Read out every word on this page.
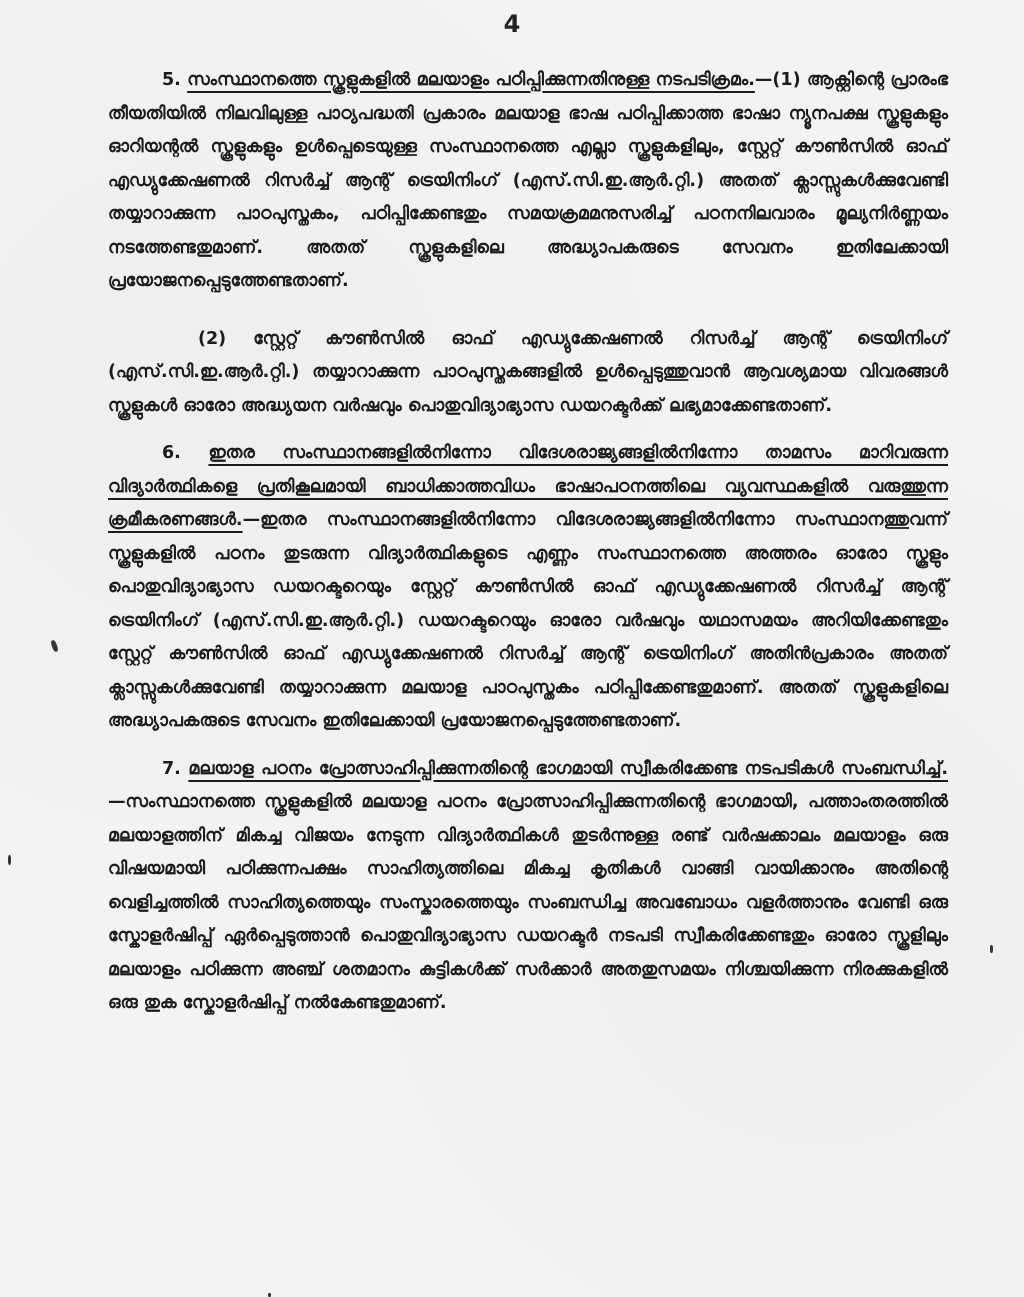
4

5. സംസ്ഥാനത്തെ സ്കൂളുകളിൽ മലയാളം പഠിപ്പിക്കുന്നതിനുള്ള നടപടിക്രമം.—(1) ആക്റ്റിന്റെ പ്രാരംഭ തീയതിയിൽ നിലവിലുള്ള പാഠ്യപദ്ധതി പ്രകാരം മലയാള ഭാഷ പഠിപ്പിക്കാത്ത ഭാഷാ ന്യൂനപക്ഷ സ്കൂളുകളും ഓറിയന്റൽ സ്കൂളുകളും ഉൾപ്പെടെയുള്ള സംസ്ഥാനത്തെ എല്ലാ സ്കൂളുകളിലും, സ്റ്റേറ്റ് കൗൺസിൽ ഓഫ് എഡ്യുക്കേഷണൽ റിസർച്ച് ആന്റ് ട്രെയിനിംഗ് (എസ്.സി.ഇ.ആർ.റ്റി.) അതത് ക്ലാസ്സുകൾക്കുവേണ്ടി തയ്യാറാക്കുന്ന പാഠപുസ്തകം, പഠിപ്പിക്കേണ്ടതും സമയക്രമമനുസരിച്ച് പഠനനിലവാരം മൂല്യനിർണ്ണയം നടത്തേണ്ടതുമാണ്. അതത് സ്കൂളുകളിലെ അദ്ധ്യാപകരുടെ സേവനം ഇതിലേക്കായി പ്രയോജനപ്പെടുത്തേണ്ടതാണ്.

(2) സ്റ്റേറ്റ് കൗൺസിൽ ഓഫ് എഡ്യുക്കേഷണൽ റിസർച്ച് ആന്റ് ട്രെയിനിംഗ് (എസ്.സി.ഇ.ആർ.റ്റി.) തയ്യാറാക്കുന്ന പാഠപുസ്തകങ്ങളിൽ ഉൾപ്പെടുത്തുവാൻ ആവശ്യമായ വിവരങ്ങൾ സ്കൂളുകൾ ഓരോ അദ്ധ്യയന വർഷവും പൊതുവിദ്യാഭ്യാസ ഡയറക്ടർക്ക് ലഭ്യമാക്കേണ്ടതാണ്.

6. ഇതര സംസ്ഥാനങ്ങളിൽനിന്നോ വിദേശരാജ്യങ്ങളിൽനിന്നോ താമസം മാറിവരുന്ന വിദ്യാർത്ഥികളെ പ്രതികൂലമായി ബാധിക്കാത്തവിധം ഭാഷാപഠനത്തിലെ വ്യവസ്ഥകളിൽ വരുത്തുന്ന ക്രമീകരണങ്ങൾ.—ഇതര സംസ്ഥാനങ്ങളിൽനിന്നോ വിദേശരാജ്യങ്ങളിൽനിന്നോ സംസ്ഥാനത്തുവന്ന് സ്കൂളുകളിൽ പഠനം തുടരുന്ന വിദ്യാർത്ഥികളുടെ എണ്ണം സംസ്ഥാനത്തെ അത്തരം ഓരോ സ്കൂളും പൊതുവിദ്യാഭ്യാസ ഡയറക്ടറെയും സ്റ്റേറ്റ് കൗൺസിൽ ഓഫ് എഡ്യുക്കേഷണൽ റിസർച്ച് ആന്റ് ട്രെയിനിംഗ് (എസ്.സി.ഇ.ആർ.റ്റി.) ഡയറക്ടറെയും ഓരോ വർഷവും യഥാസമയം അറിയിക്കേണ്ടതും സ്റ്റേറ്റ് കൗൺസിൽ ഓഫ് എഡ്യുക്കേഷണൽ റിസർച്ച് ആന്റ് ട്രെയിനിംഗ് അതിൻപ്രകാരം അതത് ക്ലാസ്സുകൾക്കുവേണ്ടി തയ്യാറാക്കുന്ന മലയാള പാഠപുസ്തകം പഠിപ്പിക്കേണ്ടതുമാണ്. അതത് സ്കൂളുകളിലെ അദ്ധ്യാപകരുടെ സേവനം ഇതിലേക്കായി പ്രയോജനപ്പെടുത്തേണ്ടതാണ്.

7. മലയാള പഠനം പ്രോത്സാഹിപ്പിക്കുന്നതിന്റെ ഭാഗമായി സ്വീകരിക്കേണ്ട നടപടികൾ സംബന്ധിച്ച്.—സംസ്ഥാനത്തെ സ്കൂളുകളിൽ മലയാള പഠനം പ്രോത്സാഹിപ്പിക്കുന്നതിന്റെ ഭാഗമായി, പത്താംതരത്തിൽ മലയാളത്തിന് മികച്ച വിജയം നേടുന്ന വിദ്യാർത്ഥികൾ തുടർന്നുള്ള രണ്ട് വർഷക്കാലം മലയാളം ഒരു വിഷയമായി പഠിക്കുന്നപക്ഷം സാഹിത്യത്തിലെ മികച്ച കൃതികൾ വാങ്ങി വായിക്കാനും അതിന്റെ വെളിച്ചത്തിൽ സാഹിത്യത്തെയും സംസ്കാരത്തെയും സംബന്ധിച്ച അവബോധം വളർത്താനും വേണ്ടി ഒരു സ്കോളർഷിപ്പ് ഏർപ്പെടുത്താൻ പൊതുവിദ്യാഭ്യാസ ഡയറക്ടർ നടപടി സ്വീകരിക്കേണ്ടതും ഓരോ സ്കൂളിലും മലയാളം പഠിക്കുന്ന അഞ്ച് ശതമാനം കുട്ടികൾക്ക് സർക്കാർ അതതുസമയം നിശ്ചയിക്കുന്ന നിരക്കുകളിൽ ഒരു തുക സ്കോളർഷിപ്പ് നൽകേണ്ടതുമാണ്.
